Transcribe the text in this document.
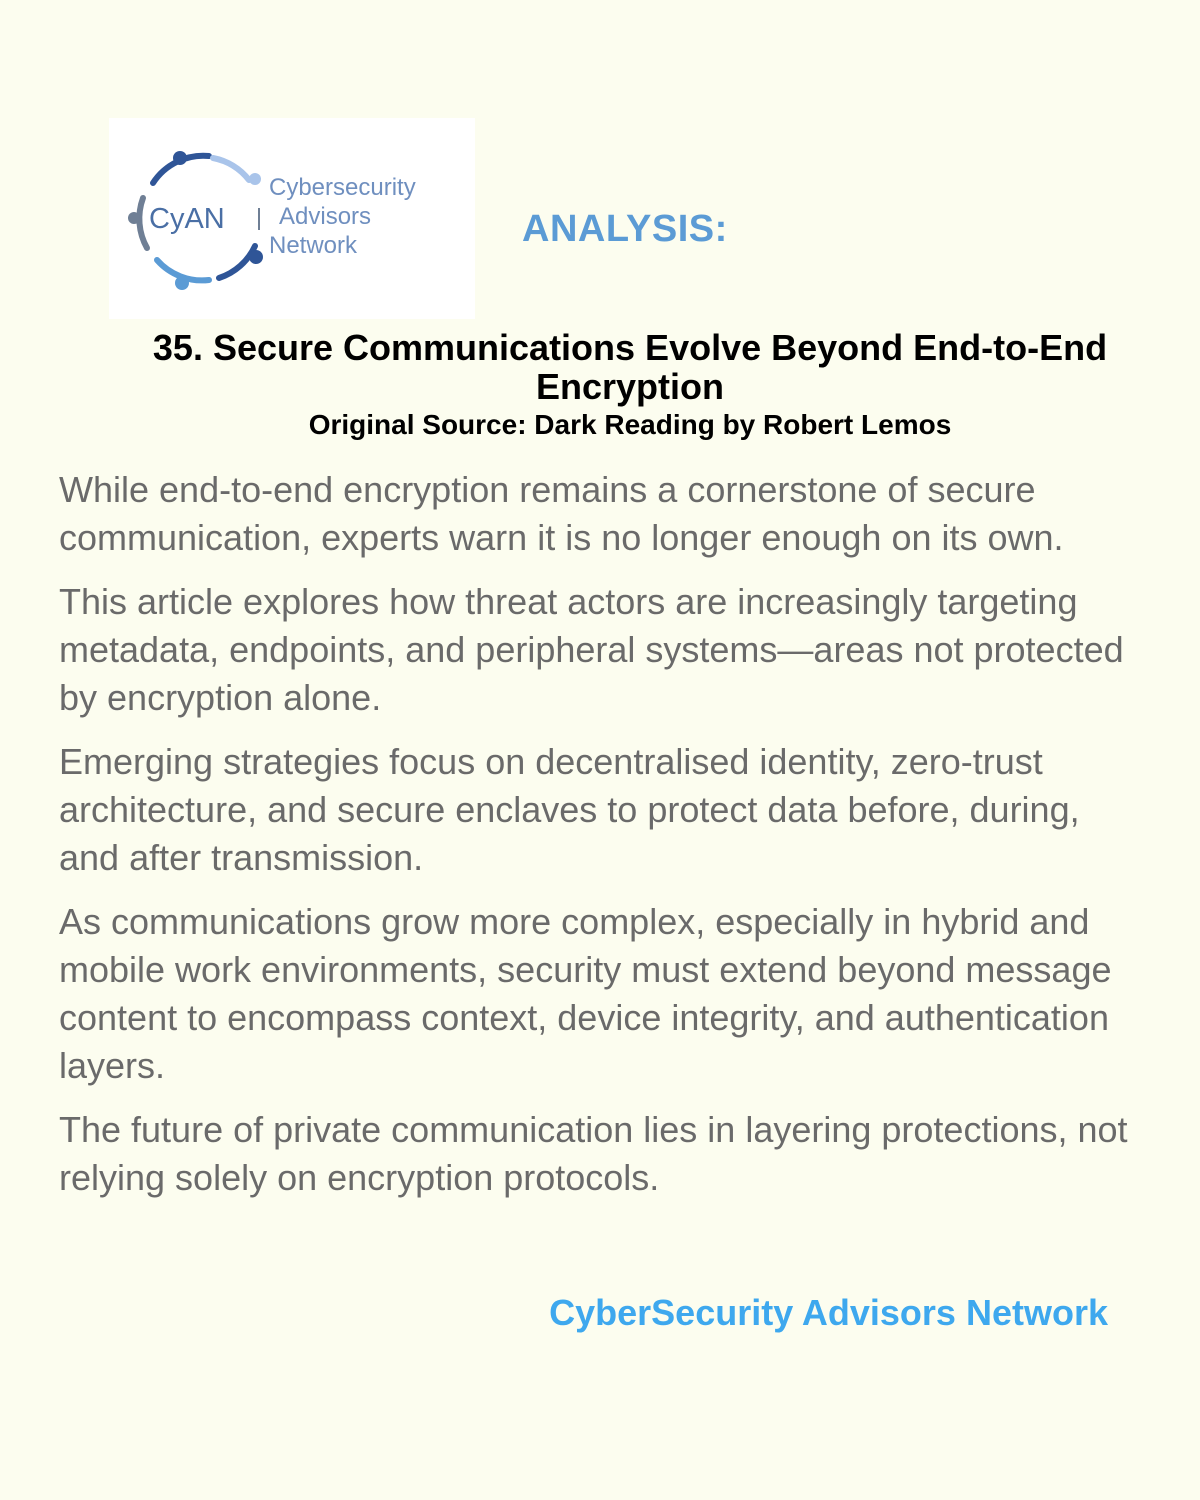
CyAN
Cybersecurity
Advisors
Network	ANALYSIS:
35. Secure Communications Evolve Beyond End-to-End Encryption
Original Source: Dark Reading by Robert Lemos

While end-to-end encryption remains a cornerstone of secure communication, experts warn it is no longer enough on its own.

This article explores how threat actors are increasingly targeting metadata, endpoints, and peripheral systems—areas not protected by encryption alone.

Emerging strategies focus on decentralised identity, zero-trust architecture, and secure enclaves to protect data before, during, and after transmission.

As communications grow more complex, especially in hybrid and mobile work environments, security must extend beyond message content to encompass context, device integrity, and authentication layers.

The future of private communication lies in layering protections, not relying solely on encryption protocols.

CyberSecurity Advisors Network
